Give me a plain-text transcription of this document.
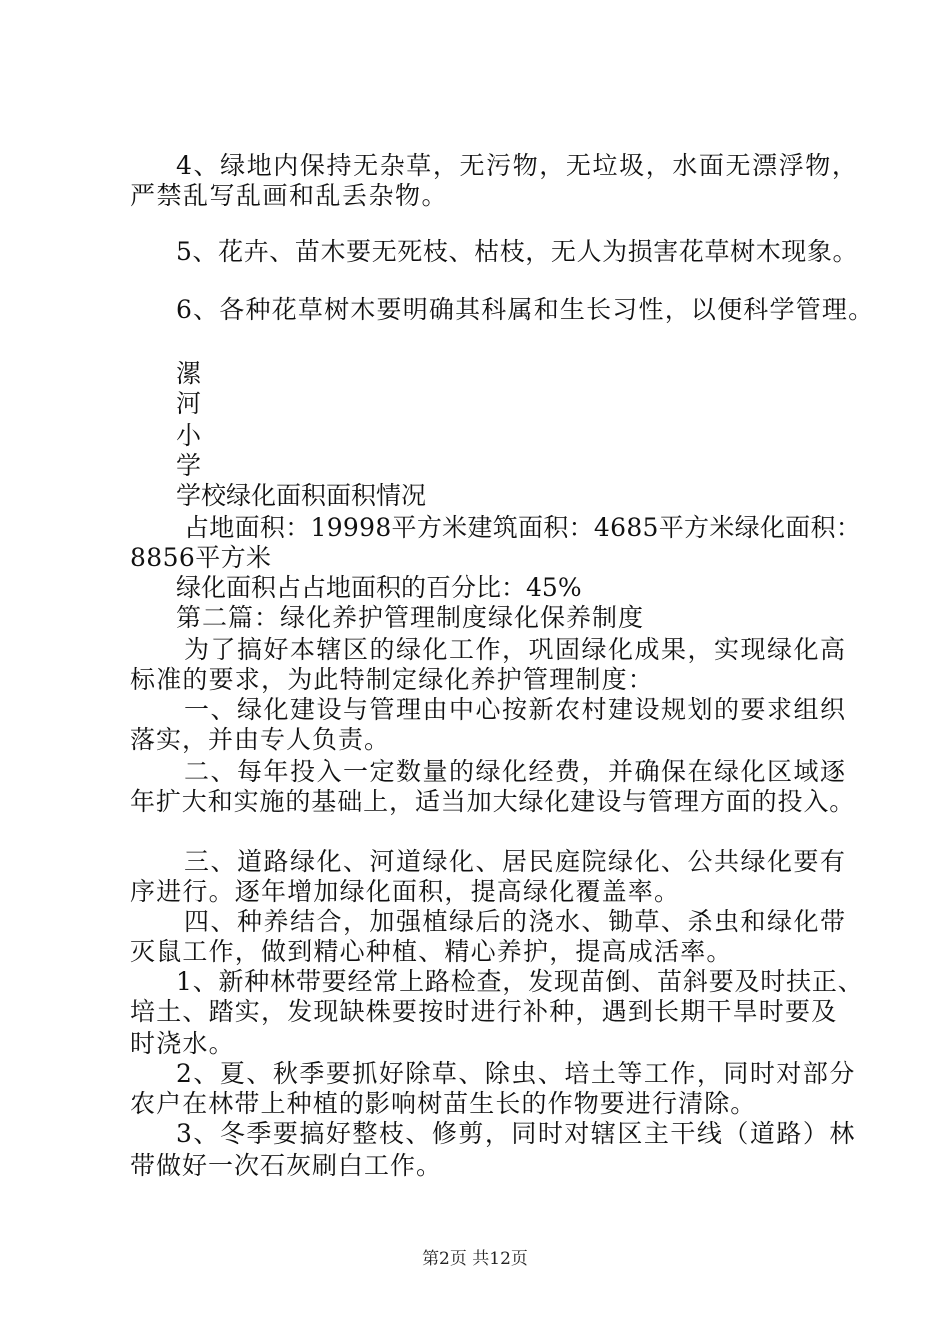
4、绿地内保持无杂草，无污物，无垃圾，水面无漂浮物，
严禁乱写乱画和乱丢杂物。
5、花卉、苗木要无死枝、枯枝，无人为损害花草树木现象。
6、各种花草树木要明确其科属和生长习性，以便科学管理。
漯
河
小
学
学校绿化面积面积情况
占地面积：19998平方米建筑面积：4685平方米绿化面积：
8856平方米
绿化面积占占地面积的百分比：45%
第二篇：绿化养护管理制度绿化保养制度
为了搞好本辖区的绿化工作，巩固绿化成果，实现绿化高
标准的要求，为此特制定绿化养护管理制度：
一、绿化建设与管理由中心按新农村建设规划的要求组织
落实，并由专人负责。
二、每年投入一定数量的绿化经费，并确保在绿化区域逐
年扩大和实施的基础上，适当加大绿化建设与管理方面的投入。
三、道路绿化、河道绿化、居民庭院绿化、公共绿化要有
序进行。逐年增加绿化面积，提高绿化覆盖率。
四、种养结合，加强植绿后的浇水、锄草、杀虫和绿化带
灭鼠工作，做到精心种植、精心养护，提高成活率。
1、新种林带要经常上路检查，发现苗倒、苗斜要及时扶正、
培土、踏实，发现缺株要按时进行补种，遇到长期干旱时要及
时浇水。
2、夏、秋季要抓好除草、除虫、培土等工作，同时对部分
农户在林带上种植的影响树苗生长的作物要进行清除。
3、冬季要搞好整枝、修剪，同时对辖区主干线（道路）林
带做好一次石灰刷白工作。
第2页 共12页
